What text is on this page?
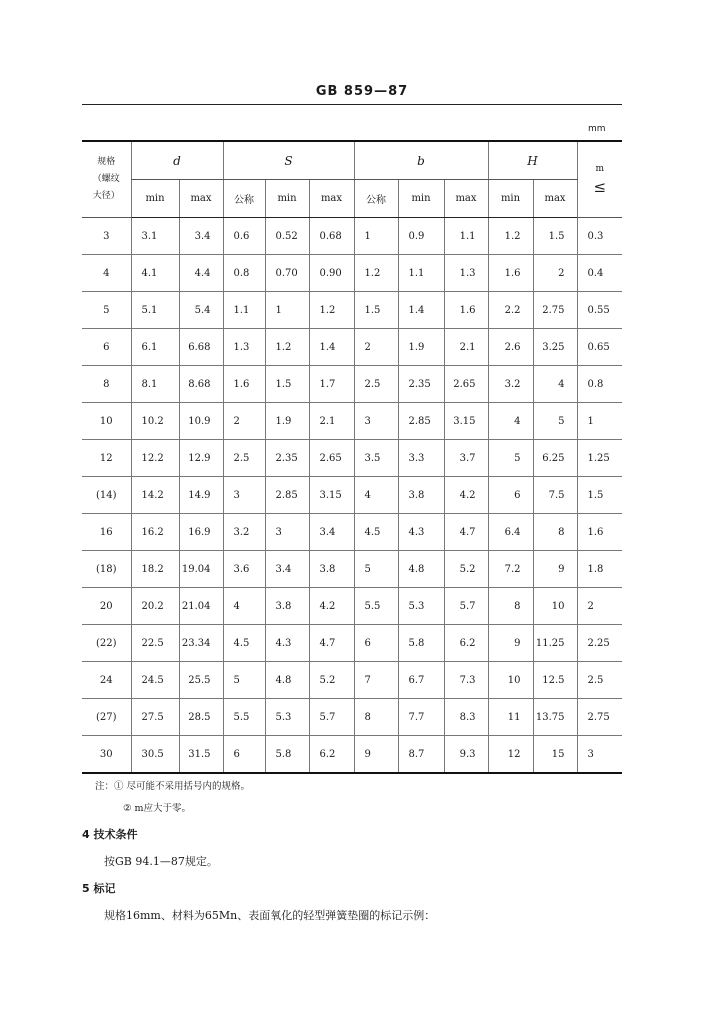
GB 859—87
mm
规格
（螺纹
大径）	d		S			b			H		m
≤

	min	max	公称	min	max	公称	min	max	min	max	
3	3.1	3.4	0.6	0.52	0.68	1	0.9	1.1	1.2	1.5	0.3
4	4.1	4.4	0.8	0.70	0.90	1.2	1.1	1.3	1.6	2	0.4
5	5.1	5.4	1.1	1	1.2	1.5	1.4	1.6	2.2	2.75	0.55
6	6.1	6.68	1.3	1.2	1.4	2	1.9	2.1	2.6	3.25	0.65
8	8.1	8.68	1.6	1.5	1.7	2.5	2.35	2.65	3.2	4	0.8
10	10.2	10.9	2	1.9	2.1	3	2.85	3.15	4	5	1
12	12.2	12.9	2.5	2.35	2.65	3.5	3.3	3.7	5	6.25	1.25
(14)	14.2	14.9	3	2.85	3.15	4	3.8	4.2	6	7.5	1.5
16	16.2	16.9	3.2	3	3.4	4.5	4.3	4.7	6.4	8	1.6
(18)	18.2	19.04	3.6	3.4	3.8	5	4.8	5.2	7.2	9	1.8
20	20.2	21.04	4	3.8	4.2	5.5	5.3	5.7	8	10	2
(22)	22.5	23.34	4.5	4.3	4.7	6	5.8	6.2	9	11.25	2.25
24	24.5	25.5	5	4.8	5.2	7	6.7	7.3	10	12.5	2.5
(27)	27.5	28.5	5.5	5.3	5.7	8	7.7	8.3	11	13.75	2.75
30	30.5	31.5	6	5.8	6.2	9	8.7	9.3	12	15	3
注：① 尽可能不采用括号内的规格。
② m应大于零。
4 技术条件
按GB 94.1—87规定。
5 标记
规格16mm、材料为65Mn、表面氧化的轻型弹簧垫圈的标记示例：
